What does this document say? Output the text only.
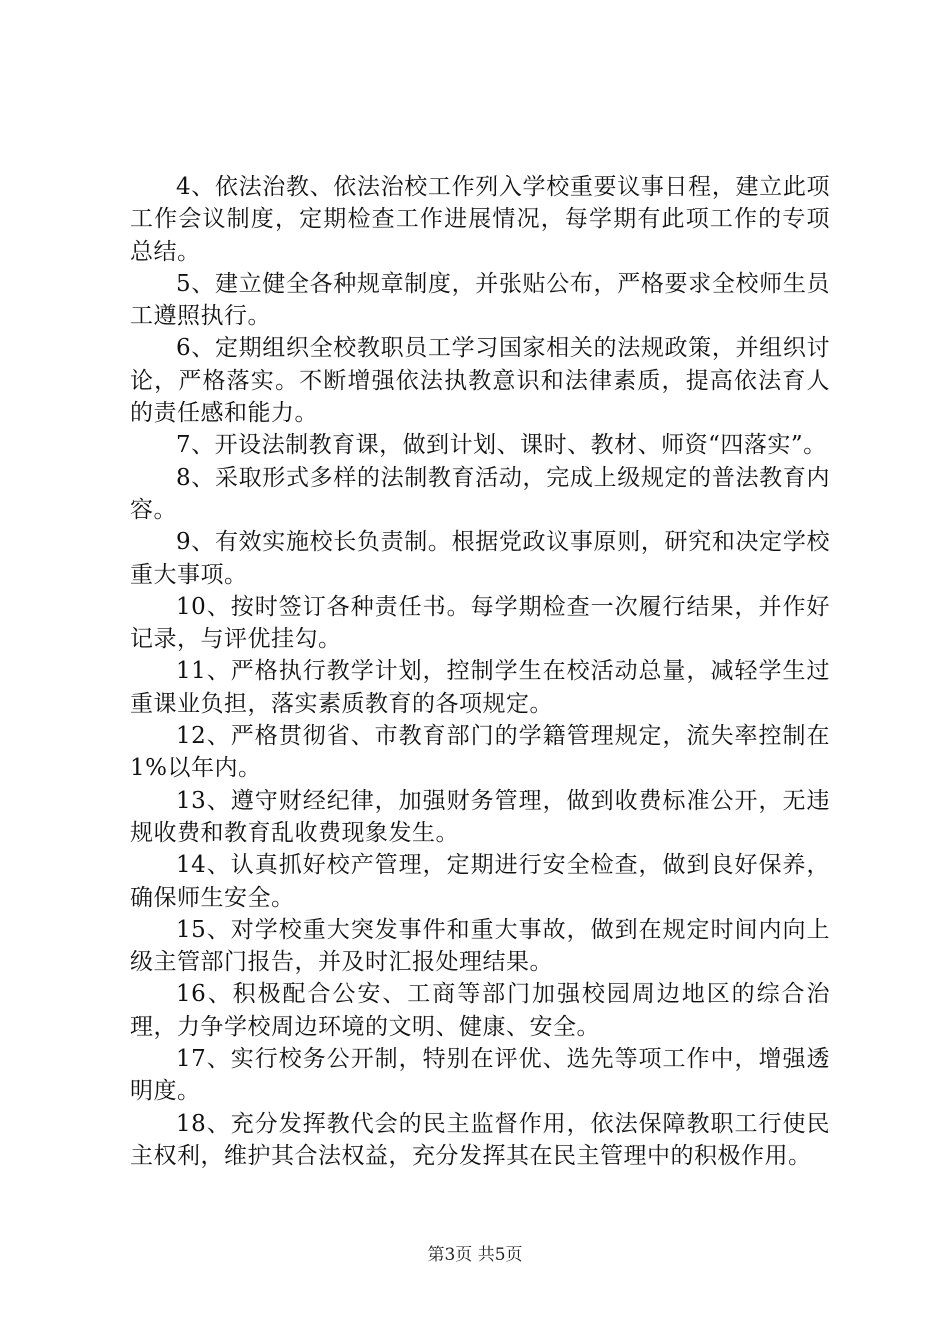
4、依法治教、依法治校工作列入学校重要议事日程，建立此项工作会议制度，定期检查工作进展情况，每学期有此项工作的专项总结。

5、建立健全各种规章制度，并张贴公布，严格要求全校师生员工遵照执行。

6、定期组织全校教职员工学习国家相关的法规政策，并组织讨论，严格落实。不断增强依法执教意识和法律素质，提高依法育人的责任感和能力。

7、开设法制教育课，做到计划、课时、教材、师资“四落实”。

8、采取形式多样的法制教育活动，完成上级规定的普法教育内容。

9、有效实施校长负责制。根据党政议事原则，研究和决定学校重大事项。

10、按时签订各种责任书。每学期检查一次履行结果，并作好记录，与评优挂勾。

11、严格执行教学计划，控制学生在校活动总量，减轻学生过重课业负担，落实素质教育的各项规定。

12、严格贯彻省、市教育部门的学籍管理规定，流失率控制在1%以年内。

13、遵守财经纪律，加强财务管理，做到收费标准公开，无违规收费和教育乱收费现象发生。

14、认真抓好校产管理，定期进行安全检查，做到良好保养，确保师生安全。

15、对学校重大突发事件和重大事故，做到在规定时间内向上级主管部门报告，并及时汇报处理结果。

16、积极配合公安、工商等部门加强校园周边地区的综合治理，力争学校周边环境的文明、健康、安全。

17、实行校务公开制，特别在评优、选先等项工作中，增强透明度。

18、充分发挥教代会的民主监督作用，依法保障教职工行使民主权利，维护其合法权益，充分发挥其在民主管理中的积极作用。

第3页 共5页
